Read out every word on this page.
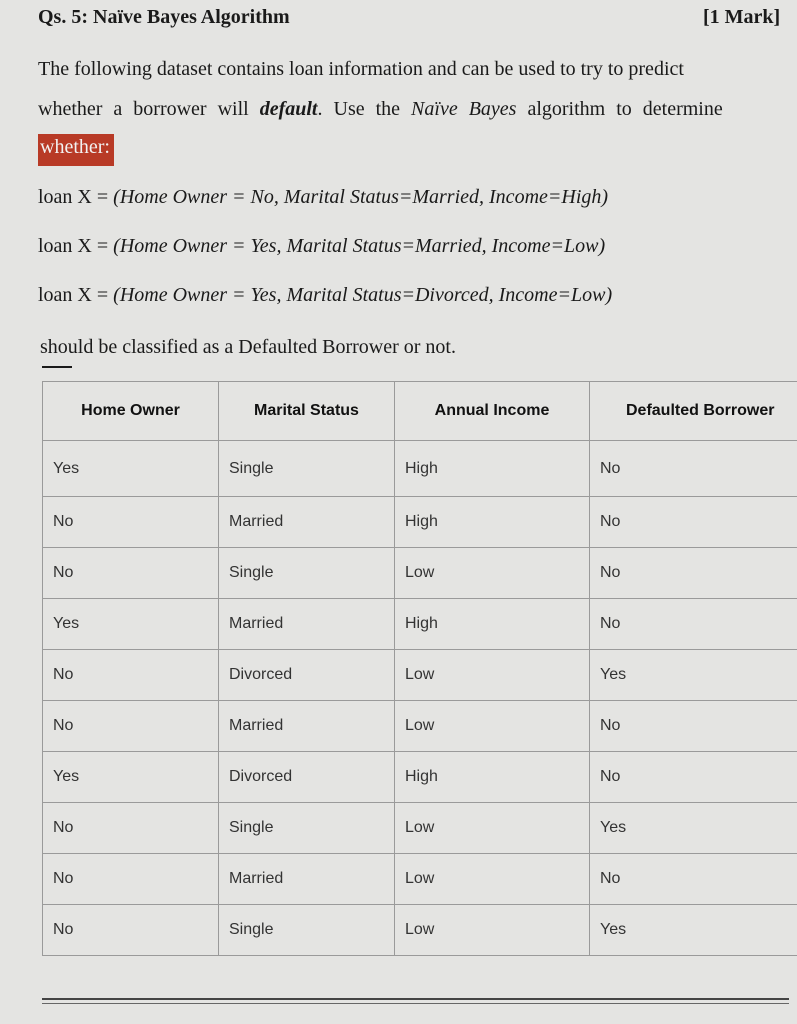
Qs. 5: Naïve Bayes Algorithm	[1 Mark]
The following dataset contains loan information and can be used to try to predict
whether a borrower will default. Use the Naïve Bayes algorithm to determine
whether:
loan X = (Home Owner = No, Marital Status=Married, Income=High)
loan X = (Home Owner = Yes, Marital Status=Married, Income=Low)
loan X = (Home Owner = Yes, Marital Status=Divorced, Income=Low)
should be classified as a Defaulted Borrower or not.
Home Owner	Marital Status	Annual Income	Defaulted Borrower
Yes	Single	High	No
No	Married	High	No
No	Single	Low	No
Yes	Married	High	No
No	Divorced	Low	Yes
No	Married	Low	No
Yes	Divorced	High	No
No	Single	Low	Yes
No	Married	Low	No
No	Single	Low	Yes
